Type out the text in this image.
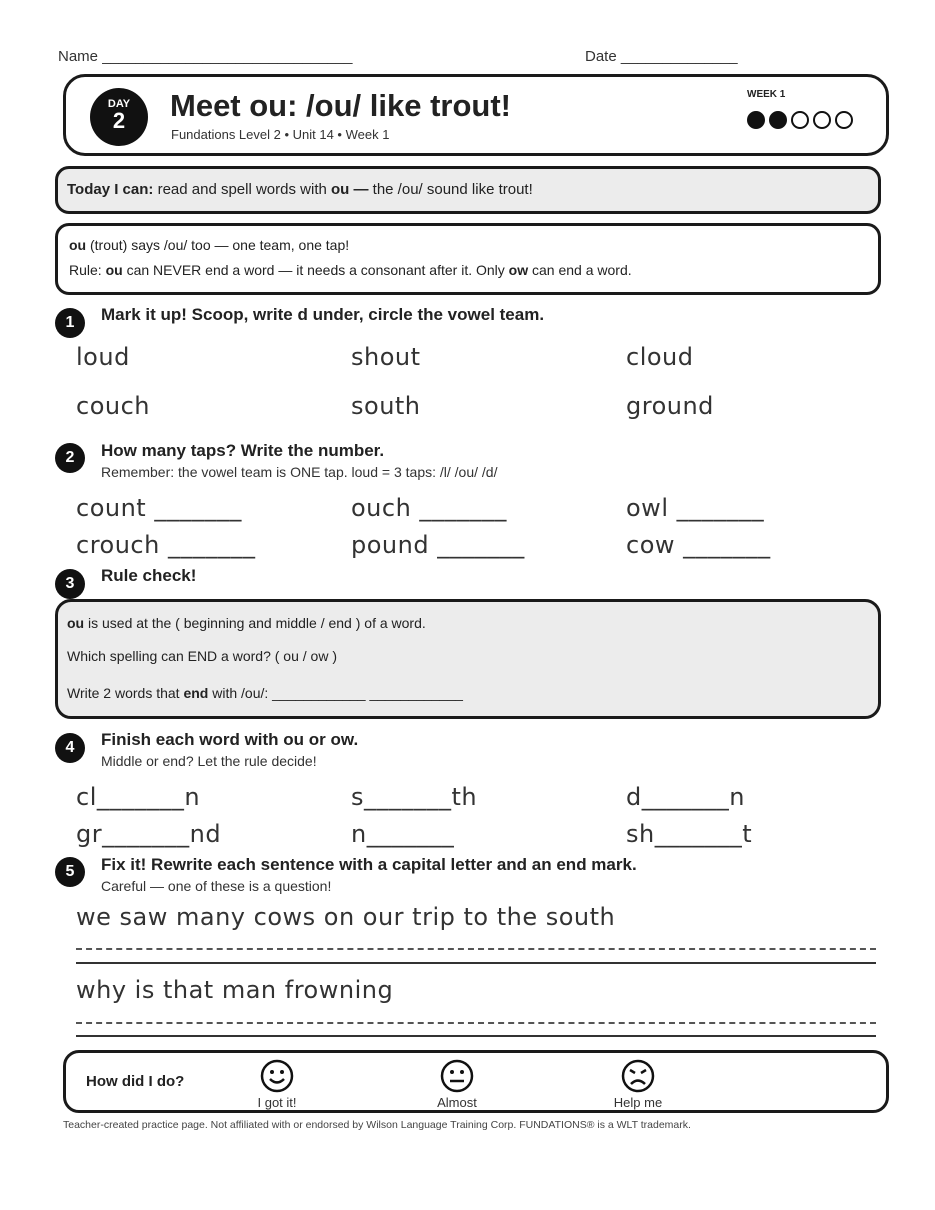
Name ______________________________	Date ______________
DAY
2	Meet ou: /ou/ like trout!
Fundations Level 2 • Unit 14 • Week 1
WEEK 1
Today I can: read and spell words with ou — the /ou/ sound like trout!
ou (trout) says /ou/ too — one team, one tap!
Rule: ou can NEVER end a word — it needs a consonant after it. Only ow can end a word.
1	Mark it up! Scoop, write d under, circle the vowel team.
loud	shout	cloud
couch	south	ground
2	How many taps? Write the number.
Remember: the vowel team is ONE tap. loud = 3 taps: /l/ /ou/ /d/
count _______	ouch _______	owl _______
crouch _______	pound _______	cow _______
3	Rule check!
ou is used at the ( beginning and middle / end ) of a word.
Which spelling can END a word? ( ou / ow )
Write 2 words that end with /ou/: ____________ ____________
4	Finish each word with ou or ow.
Middle or end? Let the rule decide!
cl_______n	s_______th	d_______n
gr_______nd	n_______	sh_______t
5	Fix it! Rewrite each sentence with a capital letter and an end mark.
Careful — one of these is a question!
we saw many cows on our trip to the south
why is that man frowning
How did I do?
I got it!	Almost	Help me
Teacher-created practice page. Not affiliated with or endorsed by Wilson Language Training Corp. FUNDATIONS® is a WLT trademark.
